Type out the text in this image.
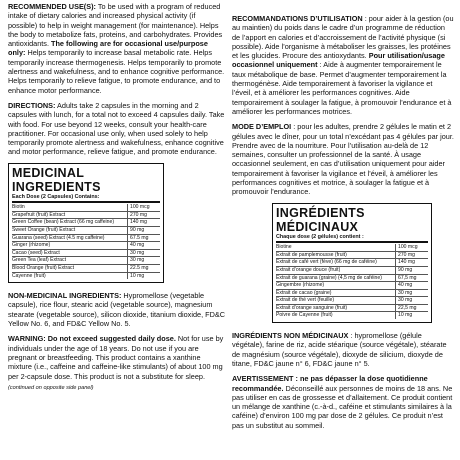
RECOMMENDED USE(S): To be used with a program of reduced intake of dietary calories and increased physical activity (if possible) to help in weight management (for maintenance). Helps the body to metabolize fats, proteins, and carbohydrates. Provides antioxidants. The following are for occasional use/purpose only: Helps temporarily to increase basal metabolic rate. Helps temporarily increase thermogenesis. Helps temporarily to promote alertness and wakefulness, and to enhance cognitive performance. Helps temporarily to relieve fatigue, to promote endurance, and to enhance motor performance.

DIRECTIONS: Adults take 2 capsules in the morning and 2 capsules with lunch, for a total not to exceed 4 capsules daily. Take with food. For use beyond 12 weeks, consult your health-care practitioner. For occasional use only, when used solely to help temporarily promote alertness and wakefulness, enhance cognitive and motor performance, relieve fatigue, and promote endurance.

MEDICINAL INGREDIENTS
Each Dose (2 Capsules) Contains:
Biotin	100 mcg
Grapefruit (fruit) Extract	270 mg
Green Coffee (bean) Extract (66 mg caffeine)	140 mg
Sweet Orange (fruit) Extract	90 mg
Guarana (seed) Extract (4.5 mg caffeine)	67.5 mg
Ginger (rhizome)	40 mg
Cacao (seed) Extract	30 mg
Green Tea (leaf) Extract	30 mg
Blood Orange (fruit) Extract	22.5 mg
Cayenne (fruit)	10 mg

NON-MEDICINAL INGREDIENTS: Hypromellose (vegetable capsule), rice flour, stearic acid (vegetable source), magnesium stearate (vegetable source), silicon dioxide, titanium dioxide, FD&C Yellow No. 6, and FD&C Yellow No. 5.

WARNING: Do not exceed suggested daily dose. Not for use by individuals under the age of 18 years. Do not use if you are pregnant or breastfeeding. This product contains a xanthine mixture (i.e., caffeine and caffeine-like stimulants) of about 100 mg per 2-capsule dose. This product is not a substitute for sleep.

(continued on opposite side panel)

RECOMMANDATIONS D’UTILISATION : pour aider à la gestion (ou au maintien) du poids dans le cadre d’un programme de réduction de l’apport en calories et d’accroissement de l’activité physique (si possible). Aide l’organisme à métaboliser les graisses, les protéines et les glucides. Procure des antioxydants. Pour utilisation/usage occasionnel uniquement : Aide à augmenter temporairement le taux métabolique de base. Permet d’augmenter temporairement la thermogénèse. Aide temporairement à favoriser la vigilance et l’éveil, et à améliorer les performances cognitives. Aide temporairement à soulager la fatigue, à promouvoir l’endurance et à améliorer les performances motrices.

MODE D’EMPLOI : pour les adultes, prendre 2 gélules le matin et 2 gélules avec le dîner, pour un total n’excédant pas 4 gélules par jour. Prendre avec de la nourriture. Pour l’utilisation au-delà de 12 semaines, consulter un professionnel de la santé. À usage occasionnel seulement, en cas d’utilisation uniquement pour aider temporairement à favoriser la vigilance et l’éveil, à améliorer les performances cognitives et motrice, à soulager la fatigue et à promouvoir l’endurance.

INGRÉDIENTS MÉDICINAUX
Chaque dose (2 gélules) contient :
Biotine	100 mcg
Extrait de pamplemousse (fruit)	270 mg
Extrait de café vert (fève) (66 mg de caféine)	140 mg
Extrait d’orange douce (fruit)	90 mg
Extrait de guarana (graine) (4,5 mg de caféine)	67,5 mg
Gingembre (rhizome)	40 mg
Extrait de cacao (graine)	30 mg
Extrait de thé vert (feuille)	30 mg
Extrait d’orange sanguine (fruit)	22,5 mg
Poivre de Cayenne (fruit)	10 mg

INGRÉDIENTS NON MÉDICINAUX : hypromellose (gélule végétale), farine de riz, acide stéarique (source végétale), stéarate de magnésium (source végétale), dioxyde de silicium, dioxyde de titane, FD&C jaune n° 6, FD&C jaune n° 5.

AVERTISSEMENT : ne pas dépasser la dose quotidienne recommandée. Déconseillé aux personnes de moins de 18 ans. Ne pas utiliser en cas de grossesse et d’allaitement. Ce produit contient un mélange de xanthine (c.-à-d., caféine et stimulants similaires à la caféine) d’environ 100 mg par dose de 2 gélules. Ce produit n’est pas un substitut au sommeil.
